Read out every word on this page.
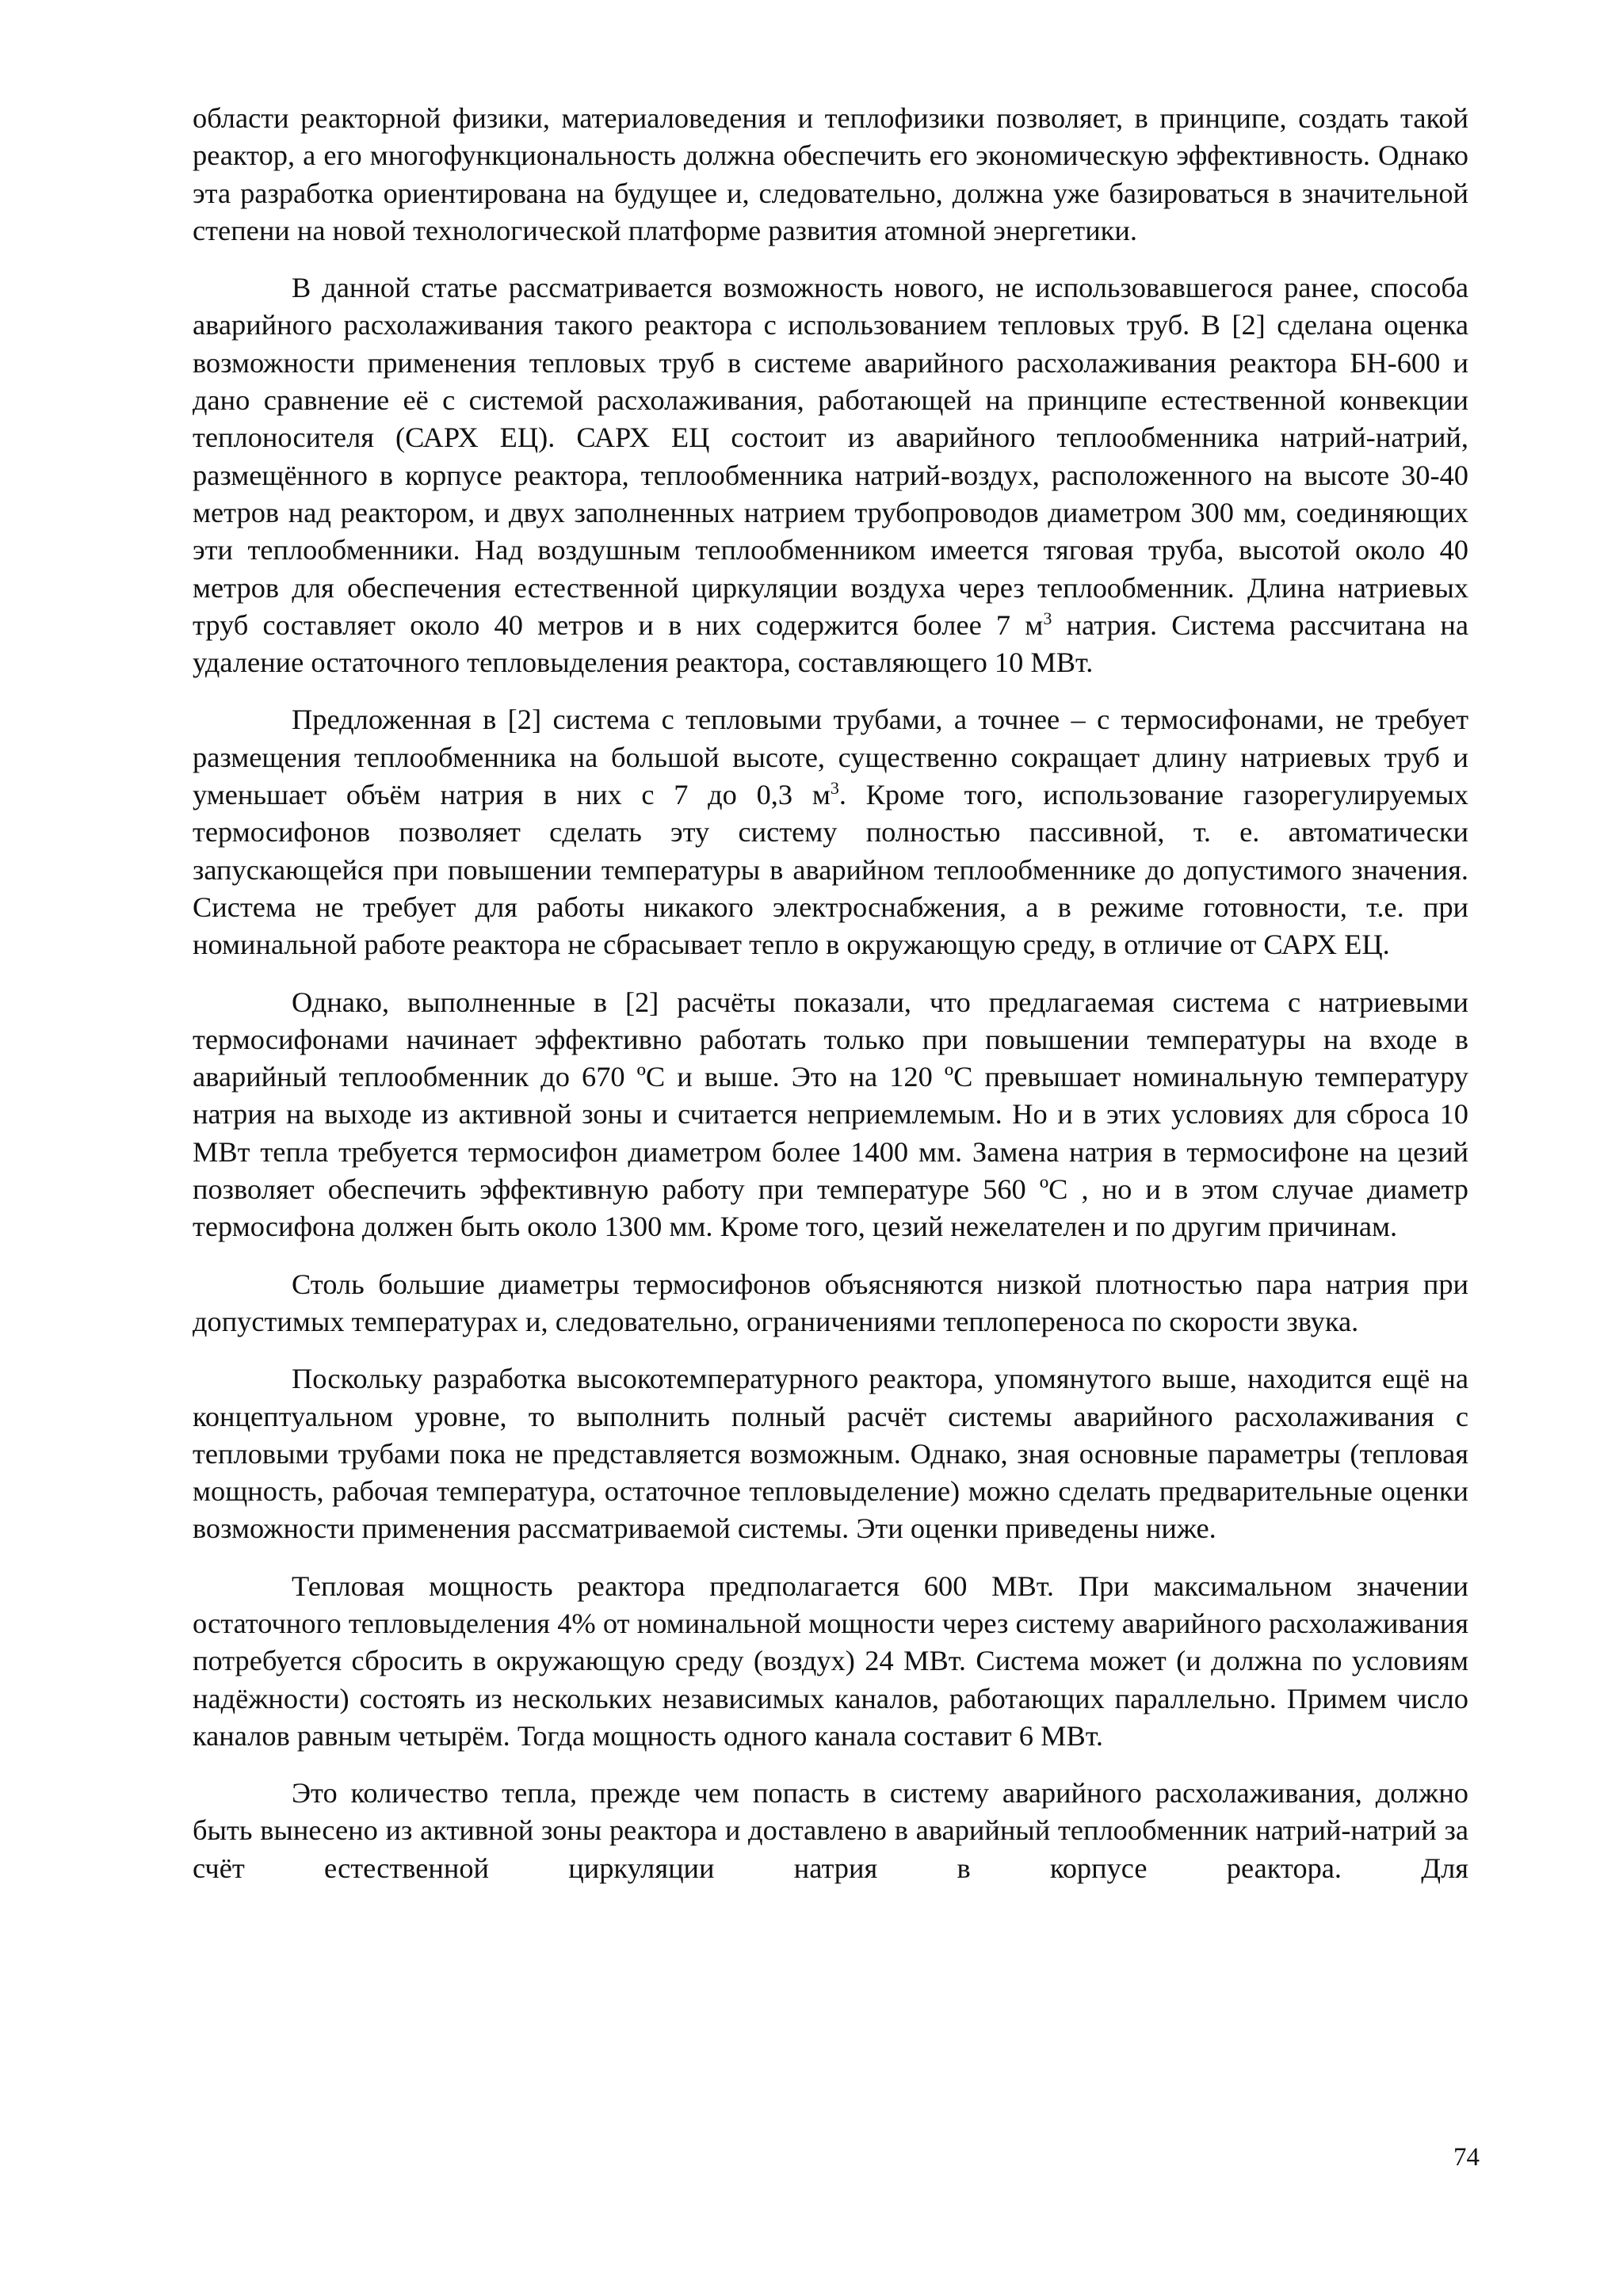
области реакторной физики, материаловедения и теплофизики позволяет, в принципе, создать такой реактор, а его многофункциональность должна обеспечить его экономическую эффективность. Однако эта разработка ориентирована на будущее и, следовательно, должна уже базироваться в значительной степени на новой технологической платформе развития атомной энергетики.

В данной статье рассматривается возможность нового, не использовавшегося ранее, способа аварийного расхолаживания такого реактора с использованием тепловых труб. В [2] сделана оценка возможности применения тепловых труб в системе аварийного расхолаживания реактора БН-600 и дано сравнение её с системой расхолаживания, работающей на принципе естественной конвекции теплоносителя (САРХ ЕЦ). САРХ ЕЦ состоит из аварийного теплообменника натрий-натрий, размещённого в корпусе реактора, теплообменника натрий-воздух, расположенного на высоте 30-40 метров над реактором, и двух заполненных натрием трубопроводов диаметром 300 мм, соединяющих эти теплообменники. Над воздушным теплообменником имеется тяговая труба, высотой около 40 метров для обеспечения естественной циркуляции воздуха через теплообменник. Длина натриевых труб составляет около 40 метров и в них содержится более 7 $м^3$ натрия. Система рассчитана на удаление остаточного тепловыделения реактора, составляющего 10 МВт.

Предложенная в [2] система с тепловыми трубами, а точнее – с термосифонами, не требует размещения теплообменника на большой высоте, существенно сокращает длину натриевых труб и уменьшает объём натрия в них с 7 до 0,3 $м^3$. Кроме того, использование газорегулируемых термосифонов позволяет сделать эту систему полностью пассивной, т. е. автоматически запускающейся при повышении температуры в аварийном теплообменнике до допустимого значения. Система не требует для работы никакого электроснабжения, а в режиме готовности, т.е. при номинальной работе реактора не сбрасывает тепло в окружающую среду, в отличие от САРХ ЕЦ.

Однако, выполненные в [2] расчёты показали, что предлагаемая система с натриевыми термосифонами начинает эффективно работать только при повышении температуры на входе в аварийный теплообменник до 670 ºС и выше. Это на 120 ºС превышает номинальную температуру натрия на выходе из активной зоны и считается неприемлемым. Но и в этих условиях для сброса 10 МВт тепла требуется термосифон диаметром более 1400 мм. Замена натрия в термосифоне на цезий позволяет обеспечить эффективную работу при температуре 560 ºС , но и в этом случае диаметр термосифона должен быть около 1300 мм. Кроме того, цезий нежелателен и по другим причинам.

Столь большие диаметры термосифонов объясняются низкой плотностью пара натрия при допустимых температурах и, следовательно, ограничениями теплопереноса по скорости звука.

Поскольку разработка высокотемпературного реактора, упомянутого выше, находится ещё на концептуальном уровне, то выполнить полный расчёт системы аварийного расхолаживания с тепловыми трубами пока не представляется возможным. Однако, зная основные параметры (тепловая мощность, рабочая температура, остаточное тепловыделение) можно сделать предварительные оценки возможности применения рассматриваемой системы. Эти оценки приведены ниже.

Тепловая мощность реактора предполагается 600 МВт. При максимальном значении остаточного тепловыделения 4% от номинальной мощности через систему аварийного расхолаживания потребуется сбросить в окружающую среду (воздух) 24 МВт. Система может (и должна по условиям надёжности) состоять из нескольких независимых каналов, работающих параллельно. Примем число каналов равным четырём. Тогда мощность одного канала составит 6 МВт.

Это количество тепла, прежде чем попасть в систему аварийного расхолаживания, должно быть вынесено из активной зоны реактора и доставлено в аварийный теплообменник натрий-натрий за счёт естественной циркуляции натрия в корпусе реактора. Для

74
